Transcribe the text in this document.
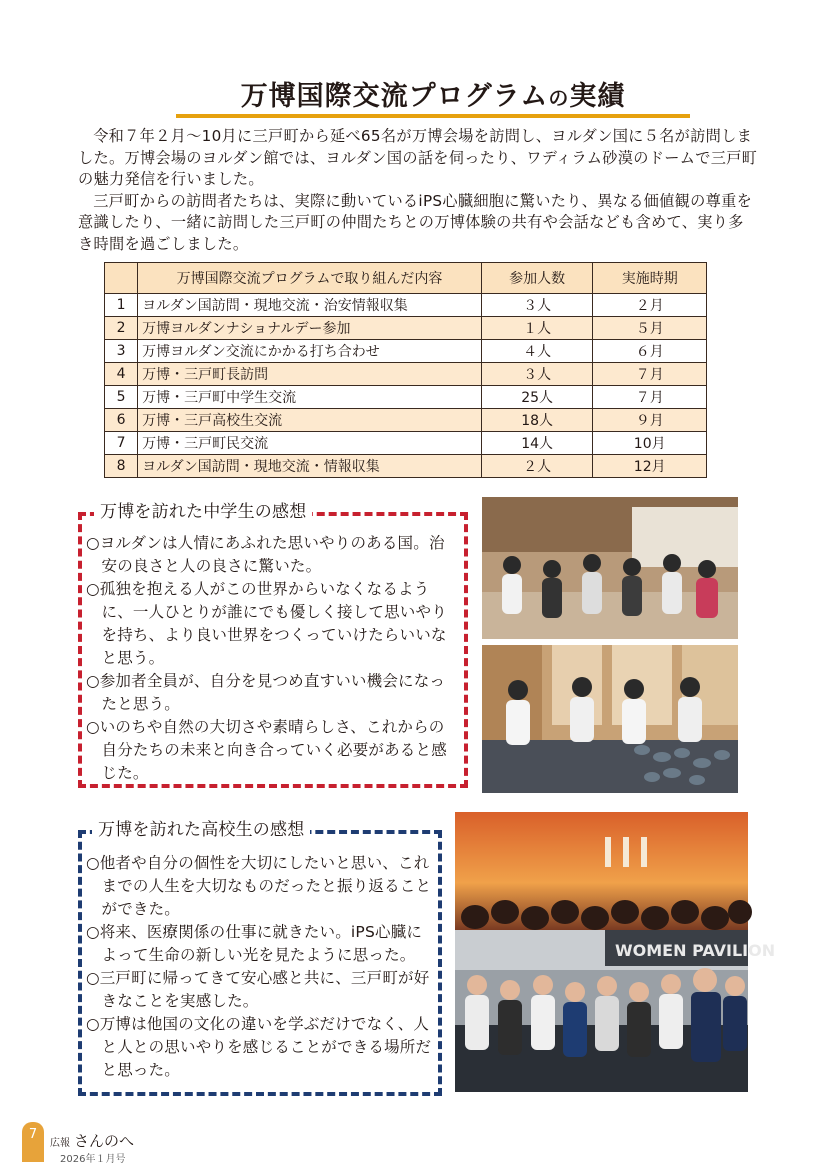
万博国際交流プログラムの実績

令和７年２月～10月に三戸町から延べ65名が万博会場を訪問し、ヨルダン国に５名が訪問しました。万博会場のヨルダン館では、ヨルダン国の話を伺ったり、ワディラム砂漠のドームで三戸町の魅力発信を行いました。

三戸町からの訪問者たちは、実際に動いているiPS心臓細胞に驚いたり、異なる価値観の尊重を意識したり、一緒に訪問した三戸町の仲間たちとの万博体験の共有や会話なども含めて、実り多き時間を過ごしました。

	万博国際交流プログラムで取り組んだ内容	参加人数	実施時期
1	ヨルダン国訪問・現地交流・治安情報収集	３人	２月
2	万博ヨルダンナショナルデー参加	１人	５月
3	万博ヨルダン交流にかかる打ち合わせ	４人	６月
4	万博・三戸町長訪問	３人	７月
5	万博・三戸町中学生交流	25人	７月
6	万博・三戸高校生交流	18人	９月
7	万博・三戸町民交流	14人	10月
8	ヨルダン国訪問・現地交流・情報収集	２人	12月
万博を訪れた中学生の感想
○ヨルダンは人情にあふれた思いやりのある国。治安の良さと人の良さに驚いた。
○孤独を抱える人がこの世界からいなくなるように、一人ひとりが誰にでも優しく接して思いやりを持ち、より良い世界をつくっていけたらいいなと思う。
○参加者全員が、自分を見つめ直すいい機会になったと思う。
○いのちや自然の大切さや素晴らしさ、これからの自分たちの未来と向き合っていく必要があると感じた。
万博を訪れた高校生の感想
○他者や自分の個性を大切にしたいと思い、これまでの人生を大切なものだったと振り返ることができた。
○将来、医療関係の仕事に就きたい。iPS心臓によって生命の新しい光を見たように思った。
○三戸町に帰ってきて安心感と共に、三戸町が好きなことを実感した。
○万博は他国の文化の違いを学ぶだけでなく、人と人との思いやりを感じることができる場所だと思った。
WOMEN PAVILION
7
広報 さんのへ
2026年１月号
